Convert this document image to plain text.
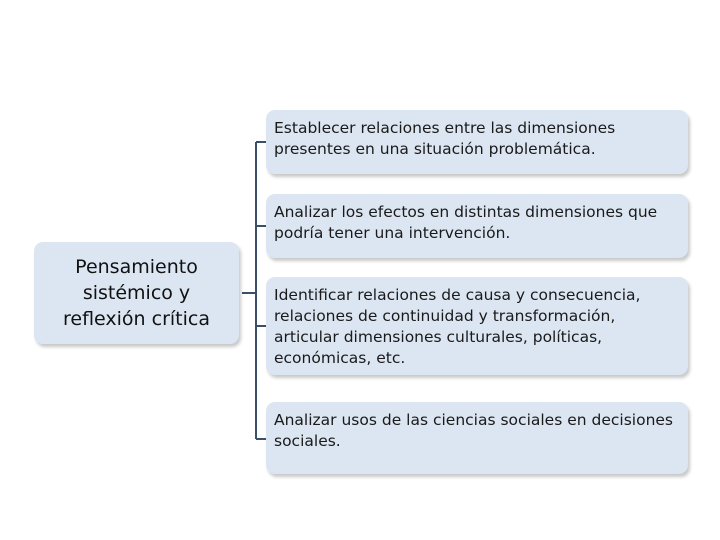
Pensamiento sistémico y reflexión crítica
Establecer relaciones entre las dimensiones presentes en una situación problemática.
Analizar los efectos en distintas dimensiones que podría tener una intervención.
Identificar relaciones de causa y consecuencia, relaciones de continuidad y transformación, articular dimensiones culturales, políticas, económicas, etc.
Analizar usos de las ciencias sociales en decisiones sociales.
